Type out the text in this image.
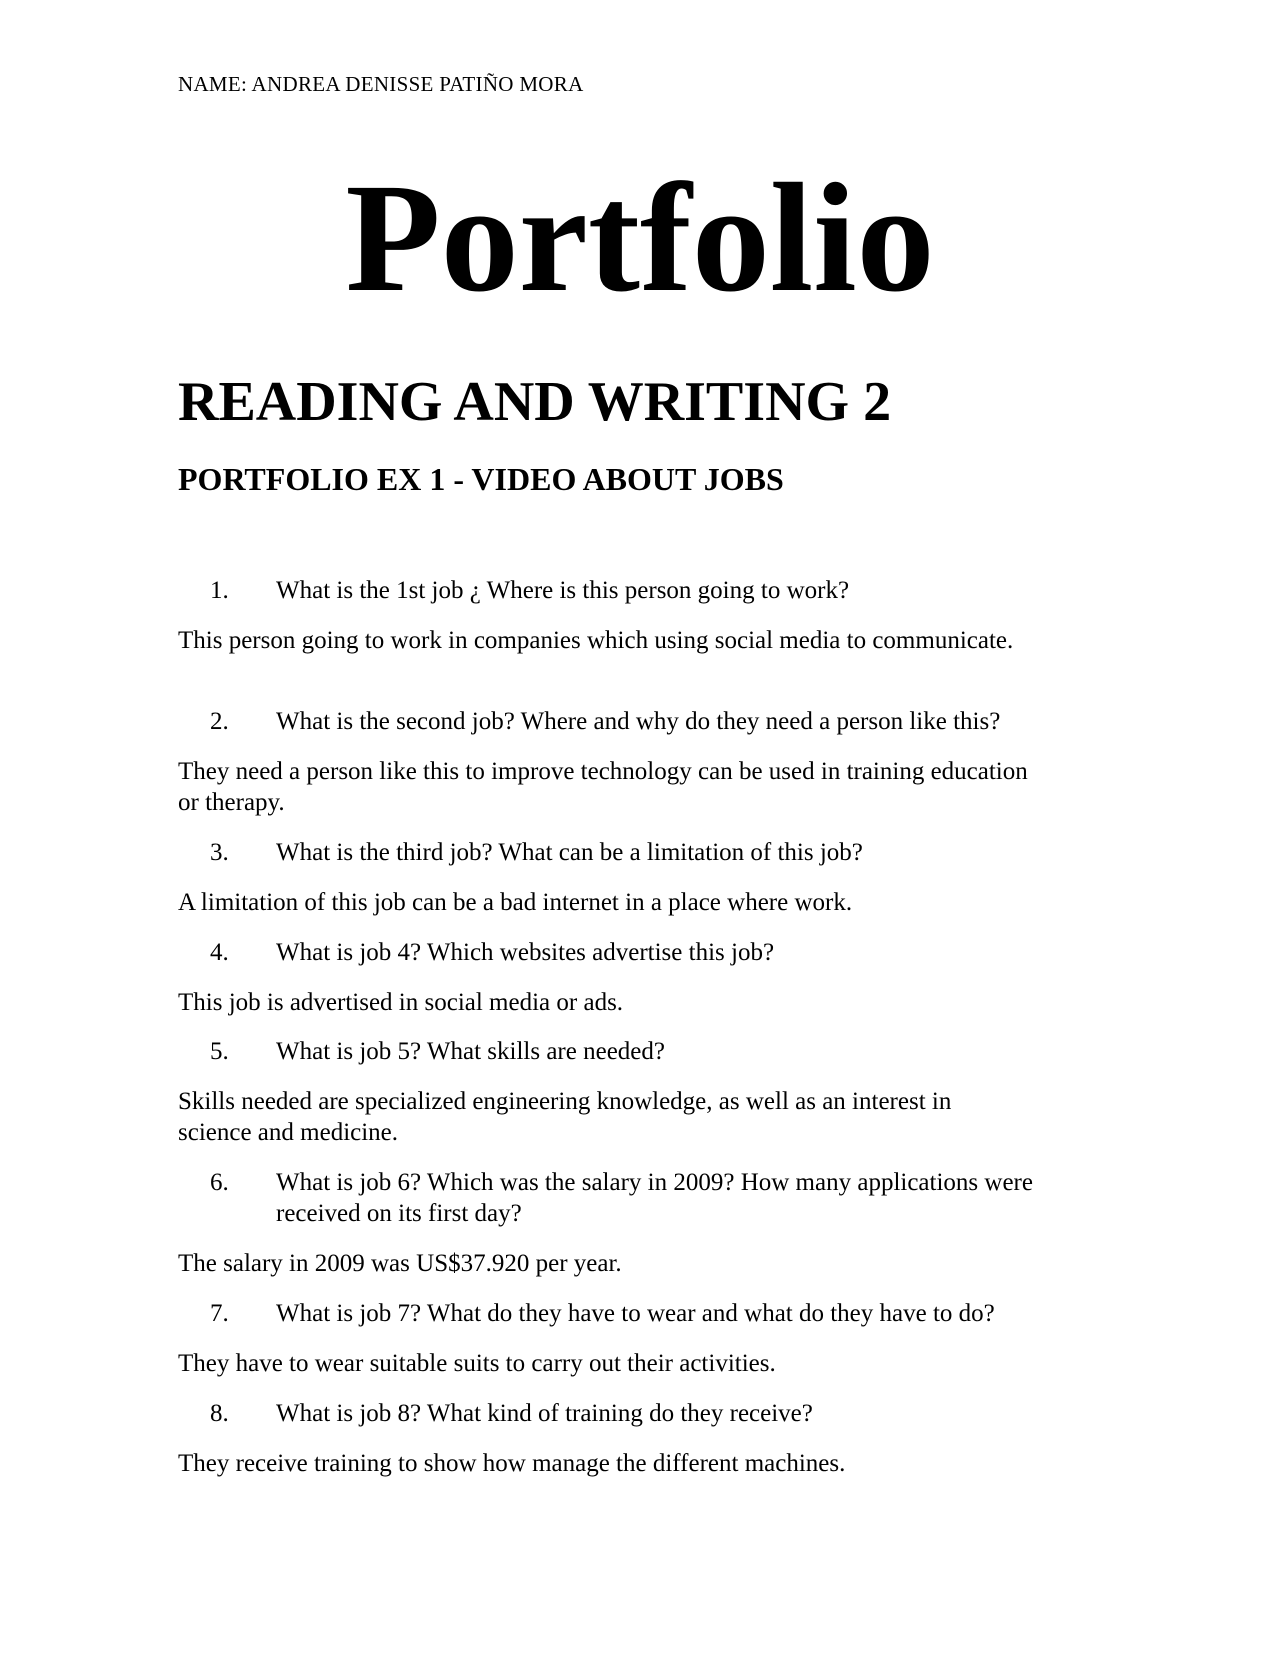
NAME: ANDREA DENISSE PATIÑO MORA
Portfolio
READING AND WRITING 2
PORTFOLIO EX 1 - VIDEO ABOUT JOBS
1.	What is the 1st job ¿ Where is this person going to work?
This person going to work in companies which using social media to communicate.
2.	What is the second job? Where and why do they need a person like this?
They need a person like this to improve technology can be used in training education or therapy.
3.	What is the third job? What can be a limitation of this job?
A limitation of this job can be a bad internet in a place where work.
4.	What is job 4? Which websites advertise this job?
This job is advertised in social media or ads.
5.	What is job 5? What skills are needed?
Skills needed are specialized engineering knowledge, as well as an interest in science and medicine.
6.	What is job 6? Which was the salary in 2009? How many applications were received on its first day?
The salary in 2009 was US$37.920 per year.
7.	What is job 7? What do they have to wear and what do they have to do?
They have to wear suitable suits to carry out their activities.
8.	What is job 8? What kind of training do they receive?
They receive training to show how manage the different machines.
